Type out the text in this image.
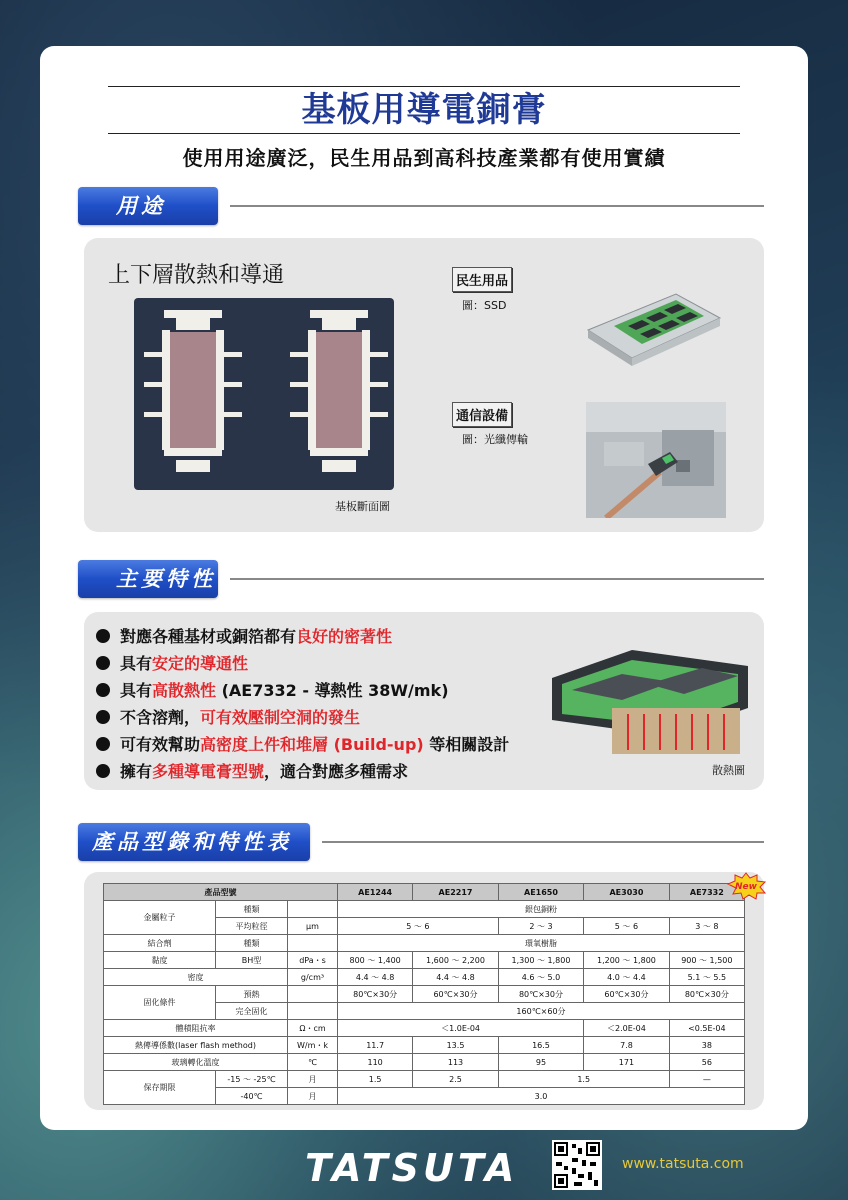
基板用導電銅膏
使用用途廣泛，民生用品到高科技產業都有使用實績
用途
上下層散熱和導通
基板斷面圖
民生用品
圖：SSD
通信設備
圖：光纖傳輸
主要特性
對應各種基材或銅箔都有良好的密著性
具有安定的導通性
具有高散熱性 (AE7332 - 導熱性 38W/mk)
不含溶劑，可有效壓制空洞的發生
可有效幫助高密度上件和堆層 (Build-up) 等相關設計
擁有多種導電膏型號，適合對應多種需求	散熱圖
產品型錄和特性表
產品型號			AE1244	AE2217	AE1650	AE3030	AE7332
金屬粒子	種類		銀包銅粉				
	平均粒徑	μm	5 ～ 6		2 ～ 3	5 ～ 6	3 ～ 8
結合劑	種類		環氧樹脂				
黏度	BH型	dPa・s	800 ～ 1,400	1,600 ～ 2,200	1,300 ～ 1,800	1,200 ～ 1,800	900 ～ 1,500
密度		g/cm³	4.4 ～ 4.8	4.4 ～ 4.8	4.6 ～ 5.0	4.0 ～ 4.4	5.1 ～ 5.5
固化條件	預熱		80℃×30分	60℃×30分	80℃×30分	60℃×30分	80℃×30分
	完全固化		160℃×60分				
體積阻抗率		Ω・cm	＜1.0E-04			＜2.0E-04	<0.5E-04
熱傳導係數(laser flash method)		W/m・k	11.7	13.5	16.5	7.8	38
玻璃轉化溫度		℃	110	113	95	171	56
保存期限	-15 ～ -25℃	月	1.5	2.5	1.5		—
	-40℃	月	3.0				
New
TATSUTA	www.tatsuta.com
